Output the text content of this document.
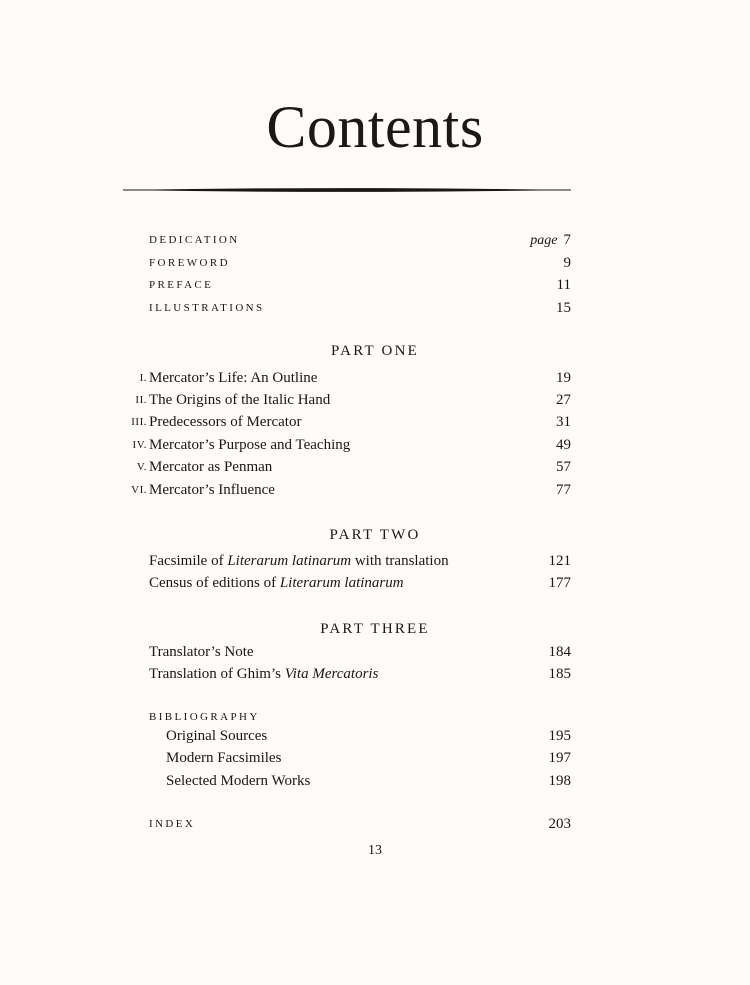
Contents
DEDICATION	page 7
FOREWORD	9
PREFACE	11
ILLUSTRATIONS	15
PART ONE
I. Mercator’s Life: An Outline	19
II. The Origins of the Italic Hand	27
III. Predecessors of Mercator	31
IV. Mercator’s Purpose and Teaching	49
V. Mercator as Penman	57
VI. Mercator’s Influence	77
PART TWO
Facsimile of Literarum latinarum with translation	121
Census of editions of Literarum latinarum	177
PART THREE
Translator’s Note	184
Translation of Ghim’s Vita Mercatoris	185
BIBLIOGRAPHY
Original Sources	195
Modern Facsimiles	197
Selected Modern Works	198
INDEX	203
13
